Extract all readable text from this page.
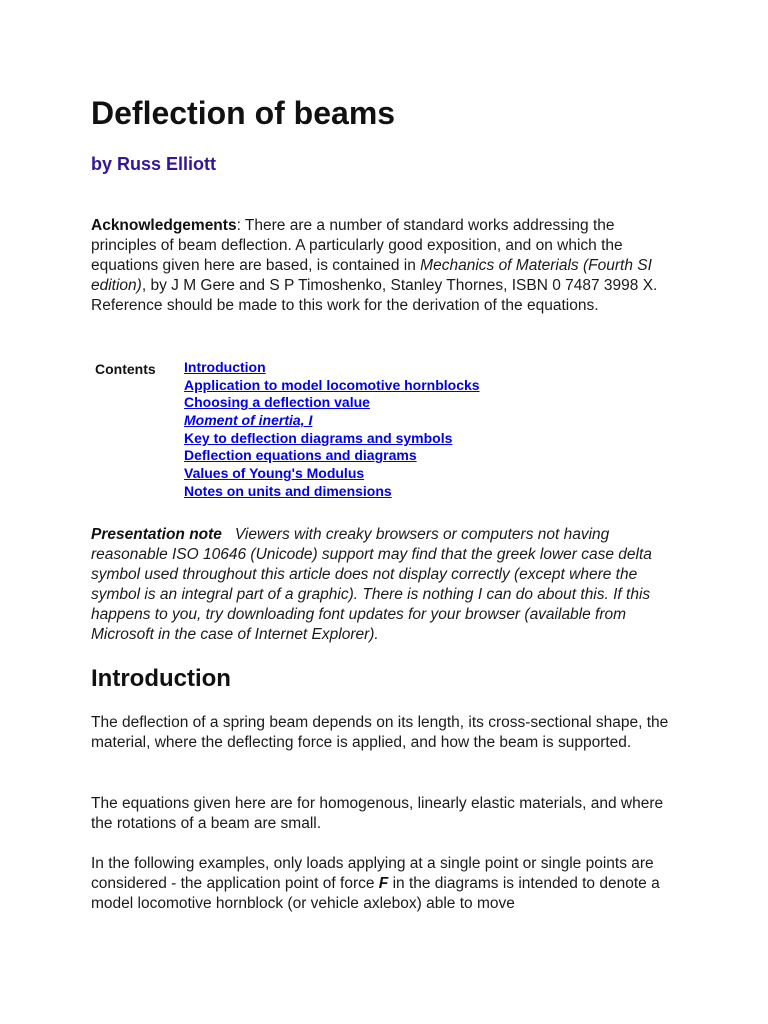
Deflection of beams

by Russ Elliott

Acknowledgements: There are a number of standard works addressing the principles of beam deflection. A particularly good exposition, and on which the equations given here are based, is contained in Mechanics of Materials (Fourth SI edition), by J M Gere and S P Timoshenko, Stanley Thornes, ISBN 0 7487 3998 X. Reference should be made to this work for the derivation of the equations.

Contents	Introduction
Application to model locomotive hornblocks
Choosing a deflection value
Moment of inertia, I
Key to deflection diagrams and symbols
Deflection equations and diagrams
Values of Young's Modulus
Notes on units and dimensions

Presentation note   Viewers with creaky browsers or computers not having reasonable ISO 10646 (Unicode) support may find that the greek lower case delta symbol used throughout this article does not display correctly (except where the symbol is an integral part of a graphic). There is nothing I can do about this. If this happens to you, try downloading font updates for your browser (available from Microsoft in the case of Internet Explorer).

Introduction

The deflection of a spring beam depends on its length, its cross-sectional shape, the material, where the deflecting force is applied, and how the beam is supported.

The equations given here are for homogenous, linearly elastic materials, and where the rotations of a beam are small.

In the following examples, only loads applying at a single point or single points are considered - the application point of force F in the diagrams is intended to denote a model locomotive hornblock (or vehicle axlebox) able to move
